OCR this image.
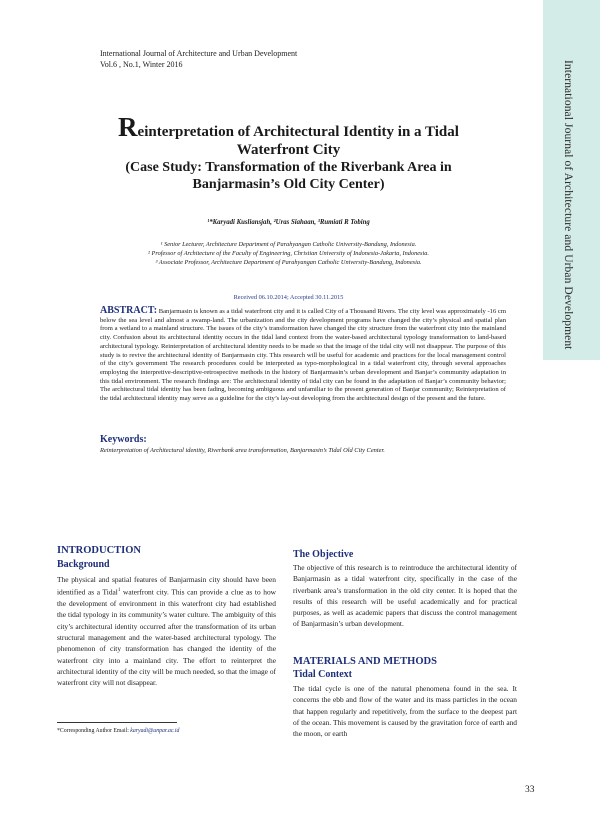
International Journal of Architecture and Urban Development
International Journal of Architecture and Urban Development
Vol.6 , No.1, Winter 2016
Reinterpretation of Architectural Identity in a Tidal
Waterfront City
(Case Study: Transformation of the Riverbank Area in
Banjarmasin’s Old City Center)
¹*Karyadi Kusliansjah, ²Uras Siahaan, ³Rumiati R Tobing
¹ Senior Lecturer, Architecture Department of Parahyangan Catholic University-Bandung, Indonesia.
² Professor of Architecture of the Faculty of Engineering, Christian University of Indonesia-Jakarta, Indonesia.
³ Associate Professor, Architecture Department of Parahyangan Catholic University-Bandung, Indonesia.
Received 06.10.2014; Accepted 30.11.2015
ABSTRACT: Banjarmasin is known as a tidal waterfront city and it is called City of a Thousand Rivers. The city level was approximately -16 cm below the sea level and almost a swamp-land. The urbanization and the city development programs have changed the city’s physical and spatial plan from a wetland to a mainland structure. The issues of the city’s transformation have changed the city structure from the waterfront city into the mainland city. Confusion about its architectural identity occurs in the tidal land context from the water-based architectural typology transformation to land-based architectural typology. Reinterpretation of architectural identity needs to be made so that the image of the tidal city will not disappear. The purpose of this study is to revive the architectural identity of Banjarmasin city. This research will be useful for academic and practices for the local management control of the city’s government The research procedures could be interpreted as typo-morphological in a tidal waterfront city, through several approaches employing the interpretive-descriptive-retrospective methods in the history of Banjarmasin’s urban development and Banjar’s community adaptation in this tidal environment. The research findings are: The architectural identity of tidal city can be found in the adaptation of Banjar’s community behavior; The architectural tidal identity has been fading, becoming ambiguous and unfamiliar to the present generation of Banjar community; Reinterpretation of the tidal architectural identity may serve as a guideline for the city’s lay-out developing from the architectural design of the present and the future.
Keywords:
Reinterpretation of Architectural identity, Riverbank area transformation, Banjarmasin’s Tidal Old City Center.
INTRODUCTION
Background
The physical and spatial features of Banjarmasin city should have been identified as a Tidal$^1$ waterfront city. This can provide a clue as to how the development of environment in this waterfront city had established the tidal typology in its community’s water culture. The ambiguity of this city’s architectural identity occurred after the transformation of its urban structural management and the water-based architectural typology. The phenomenon of city transformation has changed the identity of the waterfront city into a mainland city. The effort to reinterpret the architectural identity of the city will be much needed, so that the image of waterfront city will not disappear.
*Corresponding Author Email: karyadi@unpar.ac.id
The Objective
The objective of this research is to reintroduce the architectural identity of Banjarmasin as a tidal waterfront city, specifically in the case of the riverbank area’s transformation in the old city center. It is hoped that the results of this research will be useful academically and for practical purposes, as well as academic papers that discuss the control management of Banjarmasin’s urban development.
MATERIALS AND METHODS
Tidal Context
The tidal cycle is one of the natural phenomena found in the sea. It concerns the ebb and flow of the water and its mass particles in the ocean that happen regularly and repetitively, from the surface to the deepest part of the ocean. This movement is caused by the gravitation force of earth and the moon, or earth
33
